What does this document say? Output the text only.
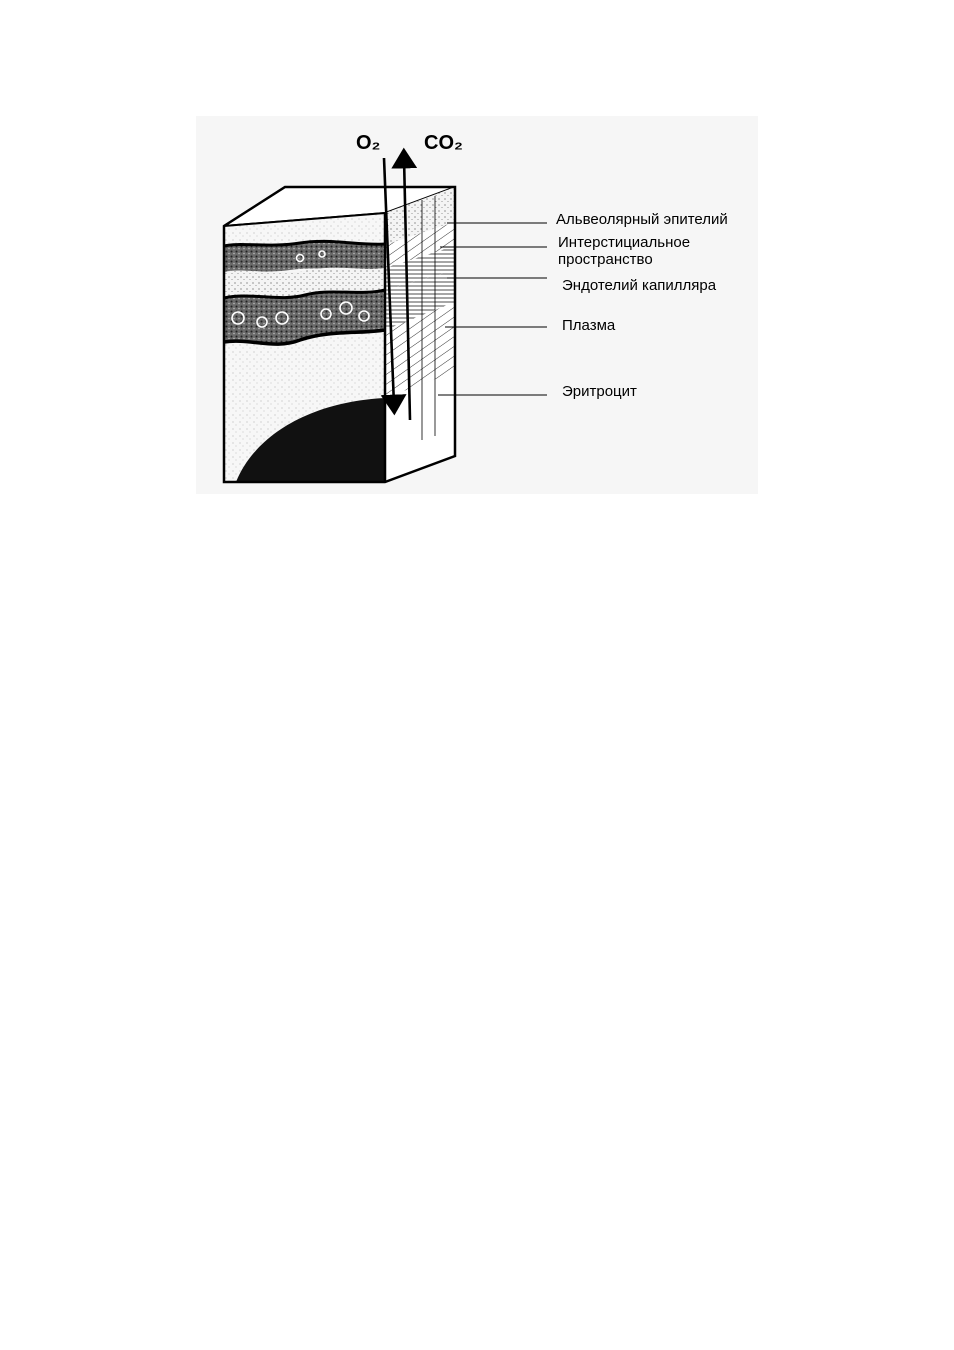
O₂ CO₂
Альвеолярный эпителий
Интерстициальное
пространство
Эндотелий капилляра
Плазма
Эритроцит
